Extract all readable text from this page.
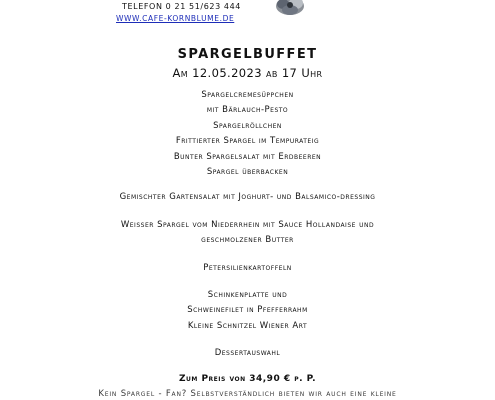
TELEFON 0 21 51/623 444
WWW.CAFE-KORNBLUME.DE

SPARGELBUFFET

Am 12.05.2023 ab 17 Uhr

Spargelcremesüppchen

mit Bärlauch-Pesto

Spargelröllchen

Frittierter Spargel im Tempurateig

Bunter Spargelsalat mit Erdbeeren

Spargel überbacken

Gemischter Gartensalat mit Joghurt- und Balsamico-dressing

Weisser Spargel vom Niederrhein mit Sauce Hollandaise und

geschmolzener Butter

Petersilienkartoffeln

Schinkenplatte und

Schweinefilet in Pfefferrahm

Kleine Schnitzel Wiener Art

Dessertauswahl

Zum Preis von 34,90 € p. P.

Kein Spargel - Fan? Selbstverständlich bieten wir auch eine kleine
